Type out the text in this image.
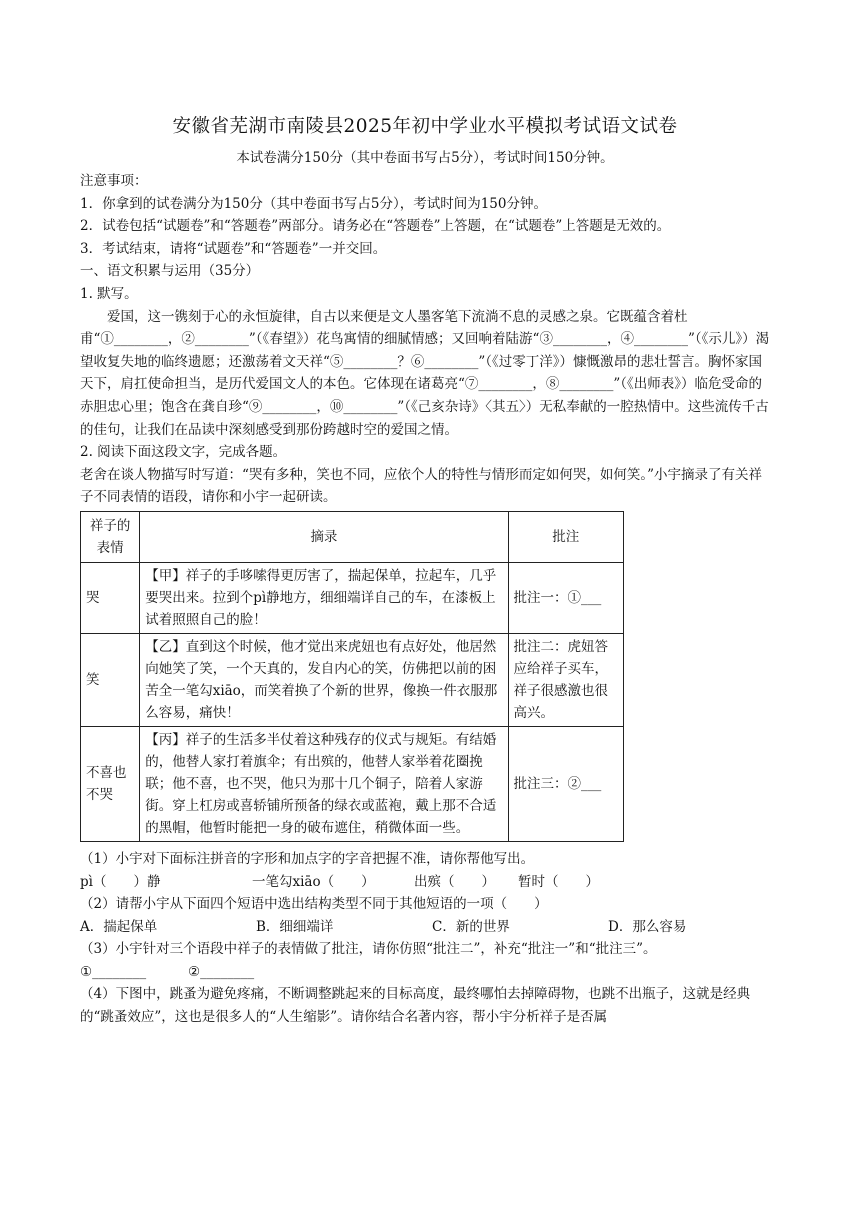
安徽省芜湖市南陵县2025年初中学业水平模拟考试语文试卷
本试卷满分150分（其中卷面书写占5分），考试时间150分钟。

注意事项：

1．你拿到的试卷满分为150分（其中卷面书写占5分），考试时间为150分钟。

2．试卷包括“试题卷”和“答题卷”两部分。请务必在“答题卷”上答题，在“试题卷”上答题是无效的。

3．考试结束，请将“试题卷”和“答题卷”一并交回。

一、语文积累与运用（35分）

1. 默写。

爱国，这一镌刻于心的永恒旋律，自古以来便是文人墨客笔下流淌不息的灵感之泉。它既蕴含着杜甫“①________，②________”（《春望》）花鸟寓情的细腻情感；又回响着陆游“③________，④________”（《示儿》）渴望收复失地的临终遗愿；还激荡着文天祥“⑤________？⑥________”（《过零丁洋》）慷慨激昂的悲壮誓言。胸怀家国天下，肩扛使命担当，是历代爱国文人的本色。它体现在诸葛亮“⑦________，⑧________”（《出师表》）临危受命的赤胆忠心里；饱含在龚自珍“⑨________，⑩________”（《己亥杂诗》〈其五〉）无私奉献的一腔热情中。这些流传千古的佳句，让我们在品读中深刻感受到那份跨越时空的爱国之情。

2. 阅读下面这段文字，完成各题。

老舍在谈人物描写时写道：“哭有多种，笑也不同，应依个人的特性与情形而定如何哭，如何笑。”小宇摘录了有关祥子不同表情的语段，请你和小宇一起研读。

祥子的表情	摘录	批注
哭	【甲】祥子的手哆嗦得更厉害了，揣起保单，拉起车，几乎要哭出来。拉到个pì静地方，细细端详自己的车，在漆板上试着照照自己的脸！	批注一：①___
笑	【乙】直到这个时候，他才觉出来虎妞也有点好处，他居然向她笑了笑，一个天真的，发自内心的笑，仿佛把以前的困苦全一笔勾xiāo，而笑着换了个新的世界，像换一件衣服那么容易，痛快！	批注二：虎妞答应给祥子买车，祥子很感激也很高兴。
不喜也不哭	【丙】祥子的生活多半仗着这种残存的仪式与规矩。有结婚的，他替人家打着旗伞；有出殡的，他替人家举着花圈挽联；他不喜，也不哭，他只为那十几个铜子，陪着人家游街。穿上杠房或喜轿铺所预备的绿衣或蓝袍，戴上那不合适的黑帽，他暂时能把一身的破布遮住，稍微体面一些。	批注三：②___

（1）小宇对下面标注拼音的字形和加点字的字音把握不准，请你帮他写出。

pì（　　）静	一笔勾xiāo（　　）	出殡（　　）	暂时（　　）

（2）请帮小宇从下面四个短语中选出结构类型不同于其他短语的一项（　　）

A．揣起保单	B．细细端详	C．新的世界	D．那么容易

（3）小宇针对三个语段中祥子的表情做了批注，请你仿照“批注二”，补充“批注一”和“批注三”。

①________	②________

（4）下图中，跳蚤为避免疼痛，不断调整跳起来的目标高度，最终哪怕去掉障碍物，也跳不出瓶子，这就是经典的“跳蚤效应”，这也是很多人的“人生缩影”。请你结合名著内容，帮小宇分析祥子是否属
